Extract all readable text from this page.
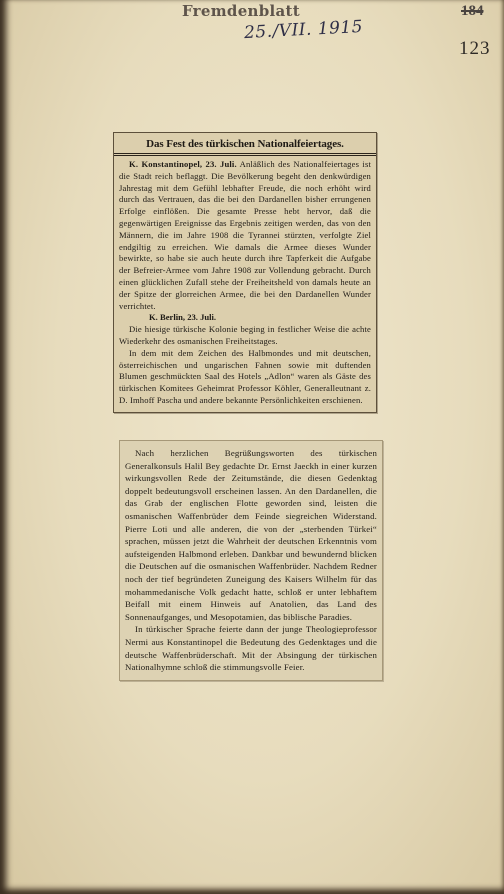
Fremdenblatt
25./VII. 1915
184
123
Das Fest des türkischen Nationalfeiertages.

K. Konstantinopel, 23. Juli. Anläßlich des Nationalfeiertages ist die Stadt reich beflaggt. Die Bevölkerung begeht den denkwürdigen Jahrestag mit dem Gefühl lebhafter Freude, die noch erhöht wird durch das Vertrauen, das die bei den Dardanellen bisher errungenen Erfolge einflößen. Die gesamte Presse hebt hervor, daß die gegenwärtigen Ereignisse das Ergebnis zeitigen werden, das von den Männern, die im Jahre 1908 die Tyrannei stürzten, verfolgte Ziel endgiltig zu erreichen. Wie damals die Armee dieses Wunder bewirkte, so habe sie auch heute durch ihre Tapferkeit die Aufgabe der Befreier-Armee vom Jahre 1908 zur Vollendung gebracht. Durch einen glücklichen Zufall stehe der Freiheitsheld von damals heute an der Spitze der glorreichen Armee, die bei den Dardanellen Wunder verrichtet.

K. Berlin, 23. Juli.

Die hiesige türkische Kolonie beging in festlicher Weise die achte Wiederkehr des osmanischen Freiheitstages.

In dem mit dem Zeichen des Halbmondes und mit deutschen, österreichischen und ungarischen Fahnen sowie mit duftenden Blumen geschmückten Saal des Hotels „Adlon“ waren als Gäste des türkischen Komitees Geheimrat Professor Köhler, Generalleutnant z. D. Imhoff Pascha und andere bekannte Persönlichkeiten erschienen.

Nach herzlichen Begrüßungsworten des türkischen Generalkonsuls Halil Bey gedachte Dr. Ernst Jaeckh in einer kurzen wirkungsvollen Rede der Zeitumstände, die diesen Gedenktag doppelt bedeutungsvoll erscheinen lassen. An den Dardanellen, die das Grab der englischen Flotte geworden sind, leisten die osmanischen Waffenbrüder dem Feinde siegreichen Widerstand. Pierre Loti und alle anderen, die von der „sterbenden Türkei“ sprachen, müssen jetzt die Wahrheit der deutschen Erkenntnis vom aufsteigenden Halbmond erleben. Dankbar und bewundernd blicken die Deutschen auf die osmanischen Waffenbrüder. Nachdem Redner noch der tief begründeten Zuneigung des Kaisers Wilhelm für das mohammedanische Volk gedacht hatte, schloß er unter lebhaftem Beifall mit einem Hinweis auf Anatolien, das Land des Sonnenaufganges, und Mesopotamien, das biblische Paradies.

In türkischer Sprache feierte dann der junge Theologieprofessor Nermi aus Konstantinopel die Bedeutung des Gedenktages und die deutsche Waffenbrüderschaft. Mit der Absingung der türkischen Nationalhymne schloß die stimmungsvolle Feier.
